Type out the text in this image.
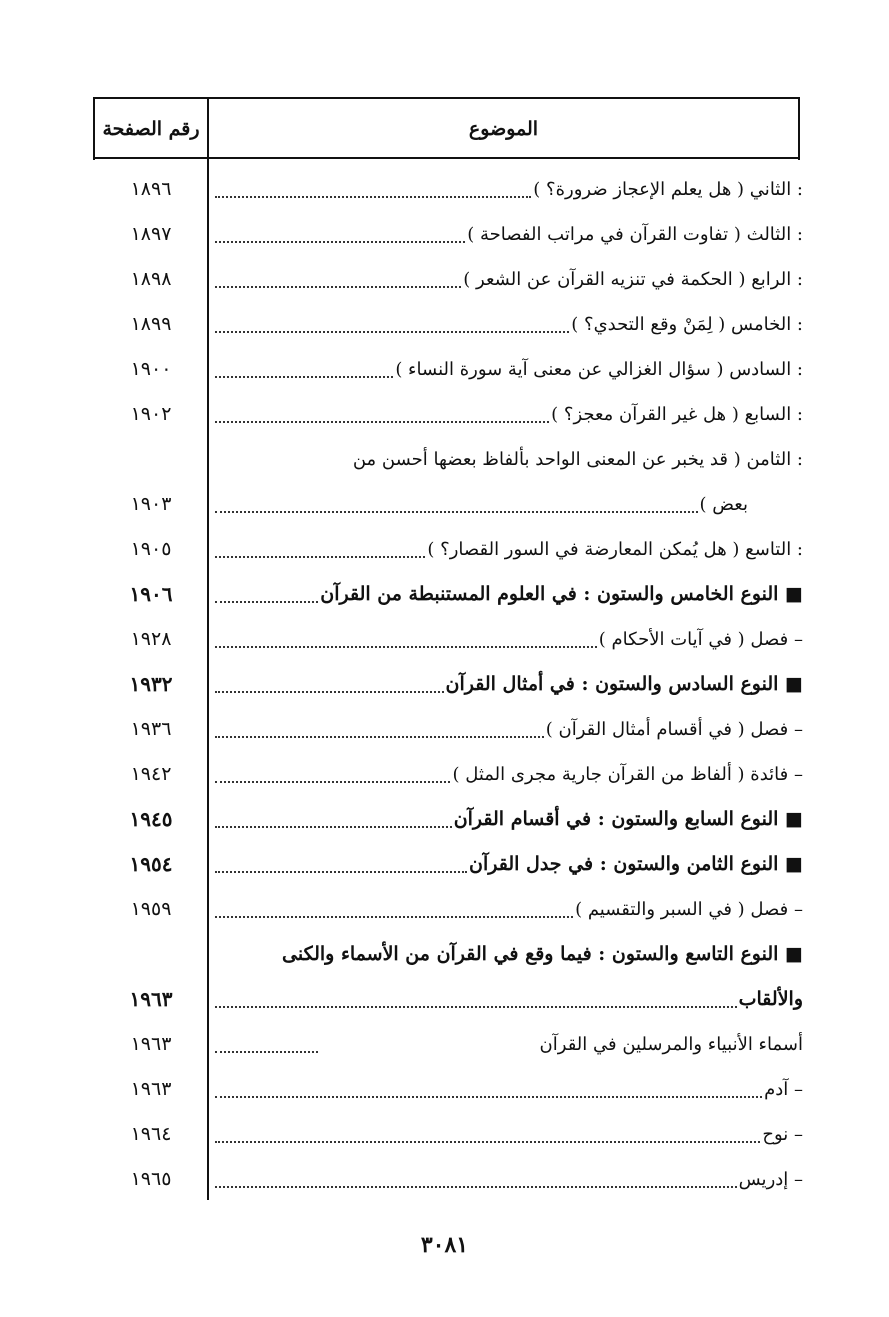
الموضوع
رقم الصفحة
: الثاني ( هل يعلم الإعجاز ضرورة؟ )
١٨٩٦
: الثالث ( تفاوت القرآن في مراتب الفصاحة )
١٨٩٧
: الرابع ( الحكمة في تنزيه القرآن عن الشعر )
١٨٩٨
: الخامس ( لِمَنْ وقع التحدي؟ )
١٨٩٩
: السادس ( سؤال الغزالي عن معنى آية سورة النساء )
١٩٠٠
: السابع ( هل غير القرآن معجز؟ )
١٩٠٢
: الثامن ( قد يخبر عن المعنى الواحد بألفاظ بعضها أحسن من
بعض )
١٩٠٣
: التاسع ( هل يُمكن المعارضة في السور القصار؟ )
١٩٠٥
■ النوع الخامس والستون : في العلوم المستنبطة من القرآن
١٩٠٦
– فصل ( في آيات الأحكام )
١٩٢٨
■ النوع السادس والستون : في أمثال القرآن
١٩٣٢
– فصل ( في أقسام أمثال القرآن )
١٩٣٦
– فائدة ( ألفاظ من القرآن جارية مجرى المثل )
١٩٤٢
■ النوع السابع والستون : في أقسام القرآن
١٩٤٥
■ النوع الثامن والستون : في جدل القرآن
١٩٥٤
– فصل ( في السبر والتقسيم )
١٩٥٩
■ النوع التاسع والستون : فيما وقع في القرآن من الأسماء والكنى
والألقاب
١٩٦٣
أسماء الأنبياء والمرسلين في القرآن
١٩٦٣
– آدم
١٩٦٣
– نوح
١٩٦٤
– إدريس
١٩٦٥
٣٠٨١
